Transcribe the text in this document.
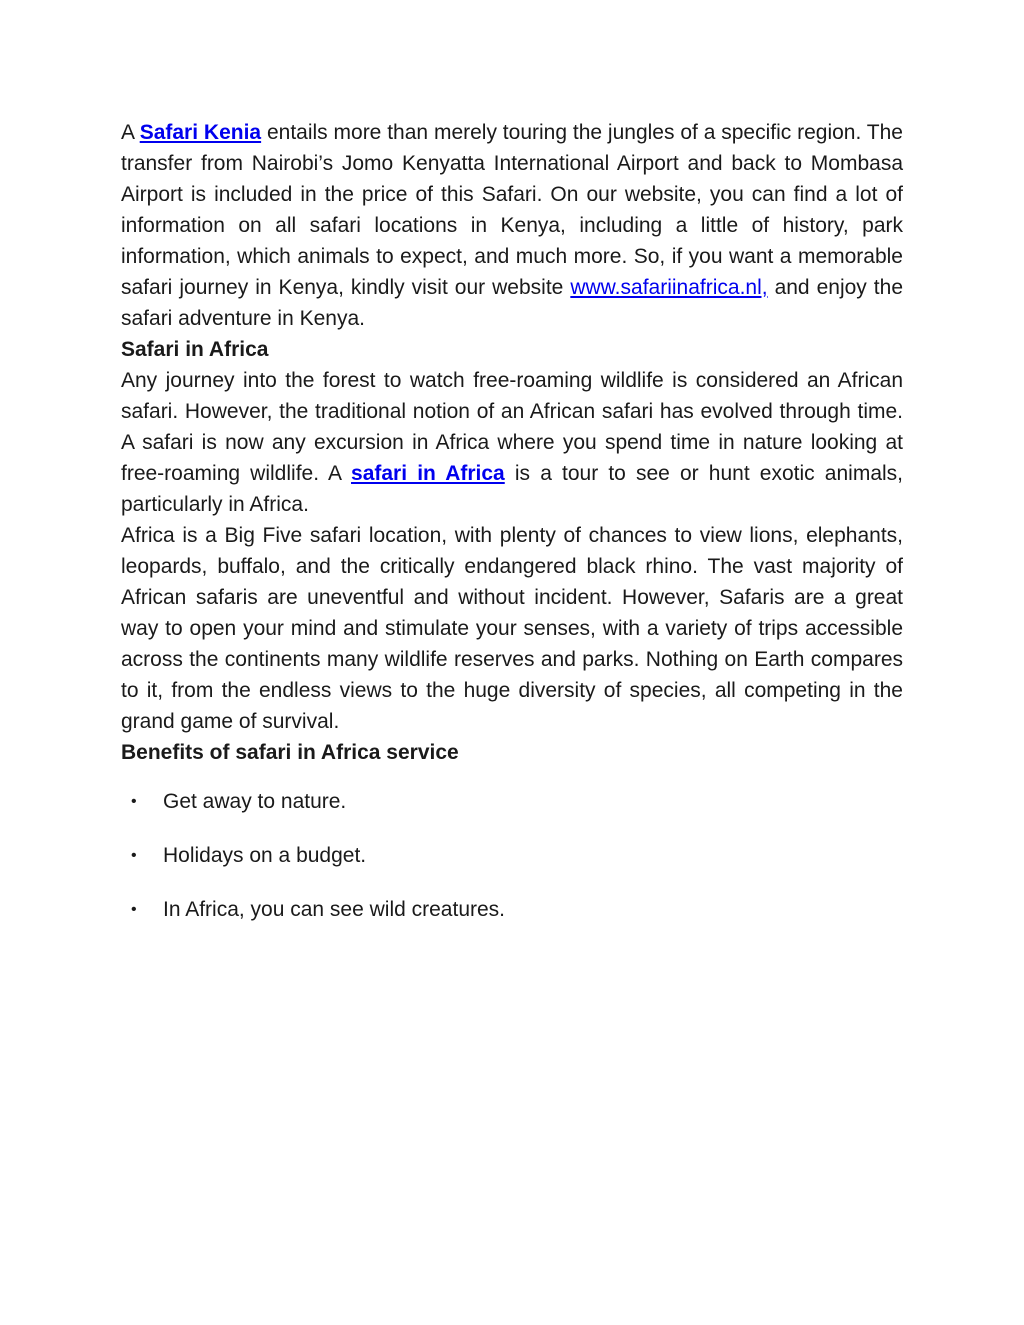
A Safari Kenia entails more than merely touring the jungles of a specific region. The transfer from Nairobi’s Jomo Kenyatta International Airport and back to Mombasa Airport is included in the price of this Safari. On our website, you can find a lot of information on all safari locations in Kenya, including a little of history, park information, which animals to expect, and much more. So, if you want a memorable safari journey in Kenya, kindly visit our website www.safariinafrica.nl, and enjoy the safari adventure in Kenya.

Safari in Africa

Any journey into the forest to watch free-roaming wildlife is considered an African safari. However, the traditional notion of an African safari has evolved through time. A safari is now any excursion in Africa where you spend time in nature looking at free-roaming wildlife. A safari in Africa is a tour to see or hunt exotic animals, particularly in Africa.

Africa is a Big Five safari location, with plenty of chances to view lions, elephants, leopards, buffalo, and the critically endangered black rhino. The vast majority of African safaris are uneventful and without incident. However, Safaris are a great way to open your mind and stimulate your senses, with a variety of trips accessible across the continents many wildlife reserves and parks. Nothing on Earth compares to it, from the endless views to the huge diversity of species, all competing in the grand game of survival.

Benefits of safari in Africa service
• Get away to nature.
• Holidays on a budget.
• In Africa, you can see wild creatures.
